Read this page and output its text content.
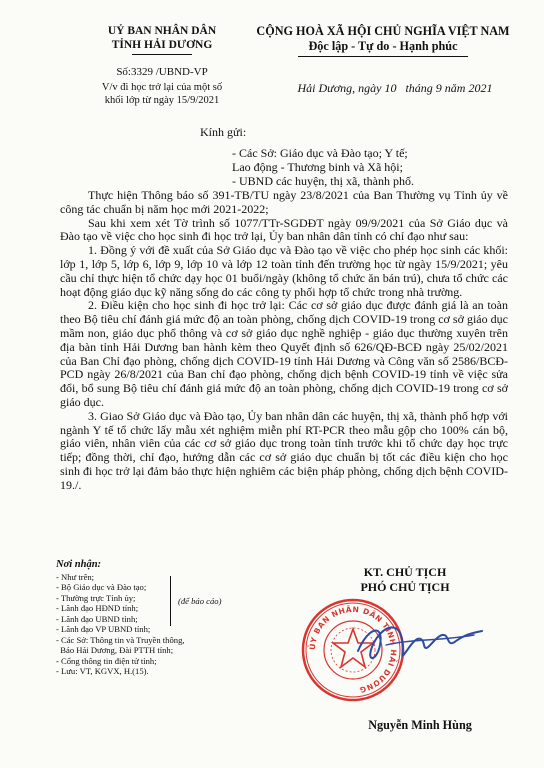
UỶ BAN NHÂN DÂN
TỈNH HẢI DƯƠNG
CỘNG HOÀ XÃ HỘI CHỦ NGHĨA VIỆT NAM
Độc lập - Tự do - Hạnh phúc
Số:3329 /UBND-VP
V/v đi học trở lại của một số
khối lớp từ ngày 15/9/2021
Hải Dương, ngày 10   tháng 9 năm 2021
Kính gửi:
- Các Sở: Giáo dục và Đào tạo; Y tế;
Lao động - Thương binh và Xã hội;
- UBND các huyện, thị xã, thành phố.

Thực hiện Thông báo số 391-TB/TU ngày 23/8/2021 của Ban Thường vụ Tỉnh ủy về công tác chuẩn bị năm học mới 2021-2022;

Sau khi xem xét Tờ trình số 1077/TTr-SGDĐT ngày 09/9/2021 của Sở Giáo dục và Đào tạo về việc cho học sinh đi học trở lại, Ủy ban nhân dân tỉnh có chỉ đạo như sau:

1. Đồng ý với đề xuất của Sở Giáo dục và Đào tạo về việc cho phép học sinh các khối: lớp 1, lớp 5, lớp 6, lớp 9, lớp 10 và lớp 12 toàn tỉnh đến trường học từ ngày 15/9/2021; yêu cầu chỉ thực hiện tổ chức dạy học 01 buổi/ngày (không tổ chức ăn bán trú), chưa tổ chức các hoạt động giáo dục kỹ năng sống do các công ty phối hợp tổ chức trong nhà trường.

2. Điều kiện cho học sinh đi học trở lại: Các cơ sở giáo dục được đánh giá là an toàn theo Bộ tiêu chí đánh giá mức độ an toàn phòng, chống dịch COVID-19 trong cơ sở giáo dục mầm non, giáo dục phổ thông và cơ sở giáo dục nghề nghiệp - giáo dục thường xuyên trên địa bàn tỉnh Hải Dương ban hành kèm theo Quyết định số 626/QĐ-BCĐ ngày 25/02/2021 của Ban Chỉ đạo phòng, chống dịch COVID-19 tỉnh Hải Dương và Công văn số 2586/BCĐ-PCD ngày 26/8/2021 của Ban chỉ đạo phòng, chống dịch bệnh COVID-19 tỉnh về việc sửa đổi, bổ sung Bộ tiêu chí đánh giá mức độ an toàn phòng, chống dịch COVID-19 trong cơ sở giáo dục.

3. Giao Sở Giáo dục và Đào tạo, Ủy ban nhân dân các huyện, thị xã, thành phố hợp với ngành Y tế tổ chức lấy mẫu xét nghiệm miễn phí RT-PCR theo mẫu gộp cho 100% cán bộ, giáo viên, nhân viên của các cơ sở giáo dục trong toàn tỉnh trước khi tổ chức dạy học trực tiếp; đồng thời, chỉ đạo, hướng dẫn các cơ sở giáo dục chuẩn bị tốt các điều kiện cho học sinh đi học trở lại đảm bảo thực hiện nghiêm các biện pháp phòng, chống dịch bệnh COVID-19./.

Nơi nhận:
- Như trên;
- Bộ Giáo dục và Đào tạo;
- Thường trực Tỉnh ủy;
- Lãnh đạo HĐND tỉnh;
- Lãnh đạo UBND tỉnh;
- Lãnh đạo VP UBND tỉnh;
- Các Sở: Thông tin và Truyền thông,
Báo Hải Dương, Đài PTTH tỉnh;
- Cổng thông tin điện tử tỉnh;
- Lưu: VT, KGVX, H.(15).
(để báo cáo)
KT. CHỦ TỊCH
PHÓ CHỦ TỊCH
ỦY BAN NHÂN DÂN TỈNH HẢI DƯƠNG
Nguyễn Minh Hùng
